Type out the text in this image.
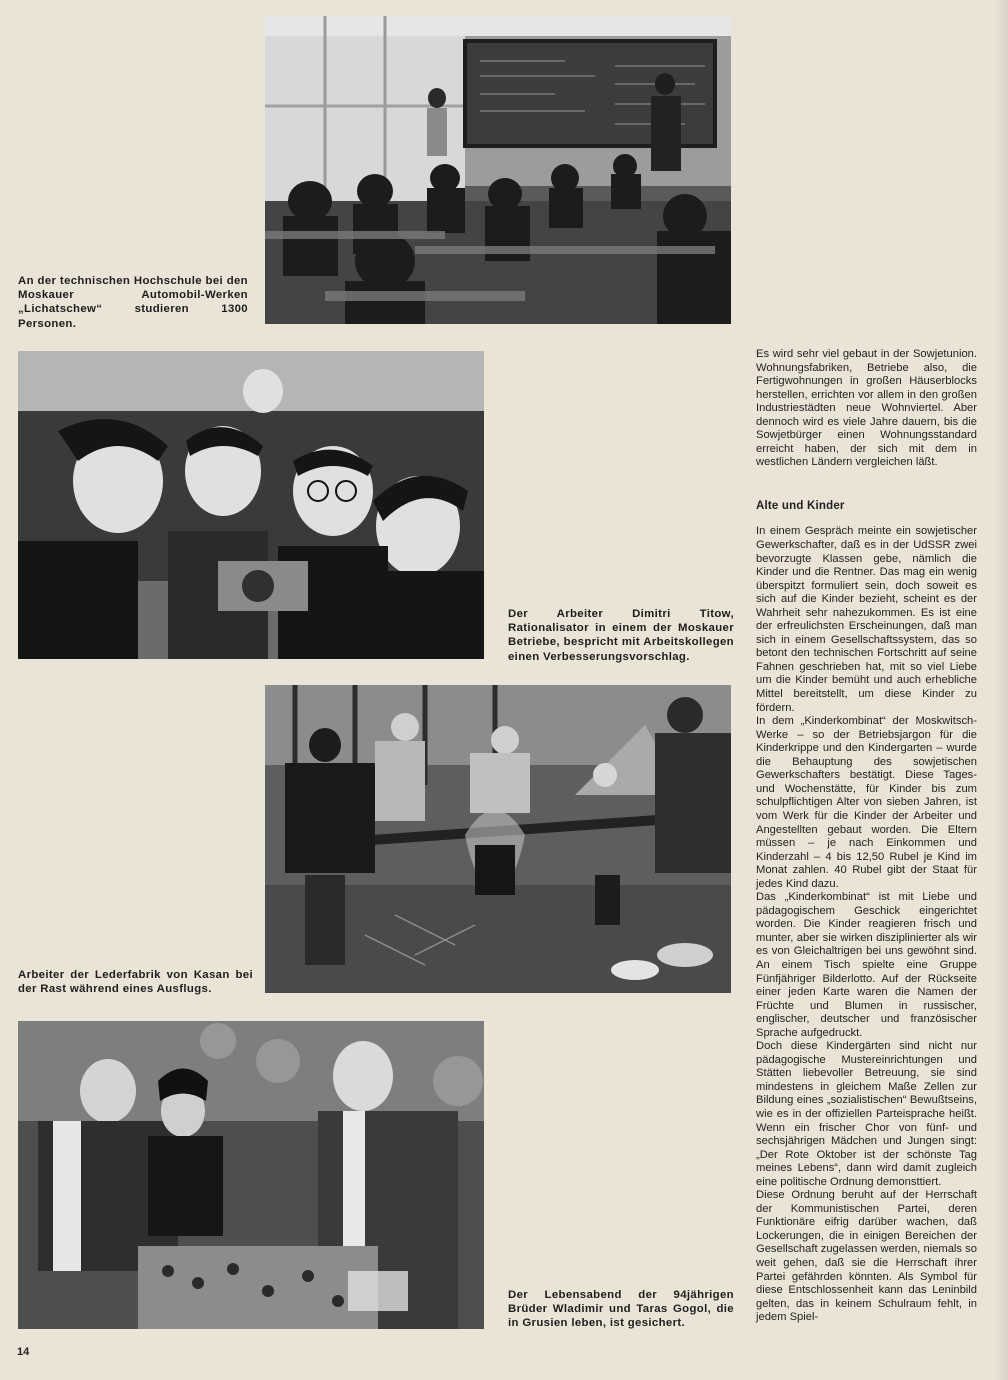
An der technischen Hochschule bei den Moskauer Automobil-Werken „Lichatschew“ studieren 1300 Personen.
Der Arbeiter Dimitri Titow, Rationalisator in einem der Moskauer Betriebe, bespricht mit Arbeitskollegen einen Verbesserungsvorschlag.
Arbeiter der Lederfabrik von Kasan bei der Rast während eines Ausflugs.
Der Lebensabend der 94jährigen Brüder Wladimir und Taras Gogol, die in Grusien leben, ist gesichert.

Es wird sehr viel gebaut in der Sowjetunion. Wohnungsfabriken, Betriebe also, die Fertigwohnungen in großen Häuserblocks herstellen, errichten vor allem in den großen Industriestädten neue Wohnviertel. Aber dennoch wird es viele Jahre dauern, bis die Sowjetbürger einen Wohnungsstandard erreicht haben, der sich mit dem in westlichen Ländern vergleichen läßt.

Alte und Kinder

In einem Gespräch meinte ein sowjetischer Gewerkschafter, daß es in der UdSSR zwei bevorzugte Klassen gebe, nämlich die Kinder und die Rentner. Das mag ein wenig überspitzt formuliert sein, doch soweit es sich auf die Kinder bezieht, scheint es der Wahrheit sehr nahezukommen. Es ist eine der erfreulichsten Erscheinungen, daß man sich in einem Gesellschaftssystem, das so betont den technischen Fortschritt auf seine Fahnen geschrieben hat, mit so viel Liebe um die Kinder bemüht und auch erhebliche Mittel bereitstellt, um diese Kinder zu fördern.

In dem „Kinderkombinat“ der Moskwitsch-Werke – so der Betriebsjargon für die Kinderkrippe und den Kindergarten – wurde die Behauptung des sowjetischen Gewerkschafters bestätigt. Diese Tages- und Wochenstätte, für Kinder bis zum schulpflichtigen Alter von sieben Jahren, ist vom Werk für die Kinder der Arbeiter und Angestellten gebaut worden. Die Eltern müssen – je nach Einkommen und Kinderzahl – 4 bis 12,50 Rubel je Kind im Monat zahlen. 40 Rubel gibt der Staat für jedes Kind dazu.

Das „Kinderkombinat“ ist mit Liebe und pädagogischem Geschick eingerichtet worden. Die Kinder reagieren frisch und munter, aber sie wirken disziplinierter als wir es von Gleichaltrigen bei uns gewöhnt sind. An einem Tisch spielte eine Gruppe Fünfjähriger Bilderlotto. Auf der Rückseite einer jeden Karte waren die Namen der Früchte und Blumen in russischer, englischer, deutscher und französischer Sprache aufgedruckt.

Doch diese Kindergärten sind nicht nur pädagogische Mustereinrichtungen und Stätten liebevoller Betreuung, sie sind mindestens in gleichem Maße Zellen zur Bildung eines „sozialistischen“ Bewußtseins, wie es in der offiziellen Parteisprache heißt. Wenn ein frischer Chor von fünf- und sechsjährigen Mädchen und Jungen singt: „Der Rote Oktober ist der schönste Tag meines Lebens“, dann wird damit zugleich eine politische Ordnung demonsttiert.

Diese Ordnung beruht auf der Herrschaft der Kommunistischen Partei, deren Funktionäre eifrig darüber wachen, daß Lockerungen, die in einigen Bereichen der Gesellschaft zugelassen werden, niemals so weit gehen, daß sie die Herrschaft ihrer Partei gefährden könnten. Als Symbol für diese Entschlossenheit kann das Leninbild gelten, das in keinem Schulraum fehlt, in jedem Spiel-

14
